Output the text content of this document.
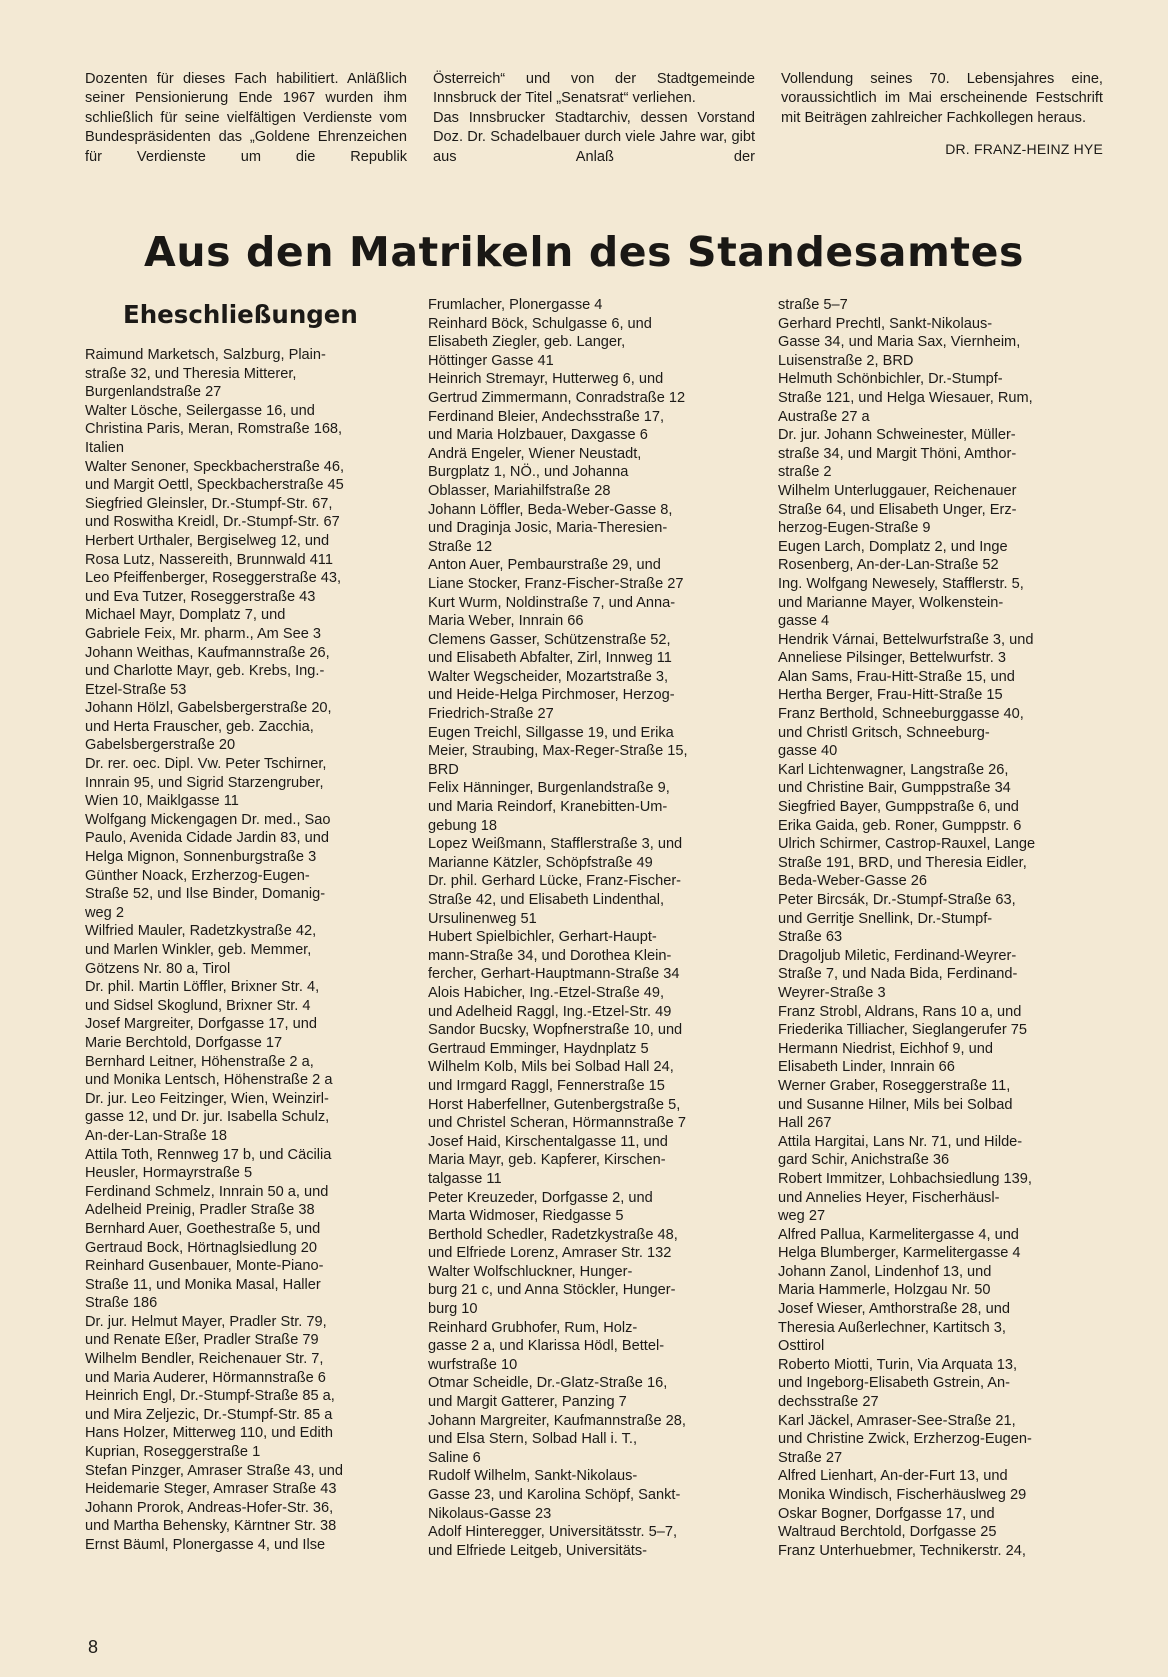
Dozenten für dieses Fach habilitiert. Anläßlich seiner Pensionierung Ende 1967 wurden ihm schließlich für seine vielfältigen Verdienste vom Bundespräsidenten das „Goldene Ehrenzeichen für Verdienste um die Republik

Österreich“ und von der Stadtgemeinde Innsbruck der Titel „Senatsrat“ verliehen.

Das Innsbrucker Stadtarchiv, dessen Vorstand Doz. Dr. Schadelbauer durch viele Jahre war, gibt aus Anlaß der

Vollendung seines 70. Lebensjahres eine, voraussichtlich im Mai erscheinende Festschrift mit Beiträgen zahlreicher Fachkollegen heraus.

DR. FRANZ-HEINZ HYE
Aus den Matrikeln des Standesamtes
Eheschließungen

Raimund Marketsch, Salzburg, Plain-
straße 32, und Theresia Mitterer,
Burgenlandstraße 27

Walter Lösche, Seilergasse 16, und
Christina Paris, Meran, Romstraße 168,
Italien

Walter Senoner, Speckbacherstraße 46,
und Margit Oettl, Speckbacherstraße 45

Siegfried Gleinsler, Dr.-Stumpf-Str. 67,
und Roswitha Kreidl, Dr.-Stumpf-Str. 67

Herbert Urthaler, Bergiselweg 12, und
Rosa Lutz, Nassereith, Brunnwald 411

Leo Pfeiffenberger, Roseggerstraße 43,
und Eva Tutzer, Roseggerstraße 43

Michael Mayr, Domplatz 7, und
Gabriele Feix, Mr. pharm., Am See 3

Johann Weithas, Kaufmannstraße 26,
und Charlotte Mayr, geb. Krebs, Ing.-
Etzel-Straße 53

Johann Hölzl, Gabelsbergerstraße 20,
und Herta Frauscher, geb. Zacchia,
Gabelsbergerstraße 20

Dr. rer. oec. Dipl. Vw. Peter Tschirner,
Innrain 95, und Sigrid Starzengruber,
Wien 10, Maiklgasse 11

Wolfgang Mickengagen Dr. med., Sao
Paulo, Avenida Cidade Jardin 83, und
Helga Mignon, Sonnenburgstraße 3

Günther Noack, Erzherzog-Eugen-
Straße 52, und Ilse Binder, Domanig-
weg 2

Wilfried Mauler, Radetzkystraße 42,
und Marlen Winkler, geb. Memmer,
Götzens Nr. 80 a, Tirol

Dr. phil. Martin Löffler, Brixner Str. 4,
und Sidsel Skoglund, Brixner Str. 4

Josef Margreiter, Dorfgasse 17, und
Marie Berchtold, Dorfgasse 17

Bernhard Leitner, Höhenstraße 2 a,
und Monika Lentsch, Höhenstraße 2 a

Dr. jur. Leo Feitzinger, Wien, Weinzirl-
gasse 12, und Dr. jur. Isabella Schulz,
An-der-Lan-Straße 18

Attila Toth, Rennweg 17 b, und Cäcilia
Heusler, Hormayrstraße 5

Ferdinand Schmelz, Innrain 50 a, und
Adelheid Preinig, Pradler Straße 38

Bernhard Auer, Goethestraße 5, und
Gertraud Bock, Hörtnaglsiedlung 20

Reinhard Gusenbauer, Monte-Piano-
Straße 11, und Monika Masal, Haller
Straße 186

Dr. jur. Helmut Mayer, Pradler Str. 79,
und Renate Eßer, Pradler Straße 79

Wilhelm Bendler, Reichenauer Str. 7,
und Maria Auderer, Hörmannstraße 6

Heinrich Engl, Dr.-Stumpf-Straße 85 a,
und Mira Zeljezic, Dr.-Stumpf-Str. 85 a

Hans Holzer, Mitterweg 110, und Edith
Kuprian, Roseggerstraße 1

Stefan Pinzger, Amraser Straße 43, und
Heidemarie Steger, Amraser Straße 43

Johann Prorok, Andreas-Hofer-Str. 36,
und Martha Behensky, Kärntner Str. 38

Ernst Bäuml, Plonergasse 4, und Ilse

Frumlacher, Plonergasse 4

Reinhard Böck, Schulgasse 6, und
Elisabeth Ziegler, geb. Langer,
Höttinger Gasse 41

Heinrich Stremayr, Hutterweg 6, und
Gertrud Zimmermann, Conradstraße 12

Ferdinand Bleier, Andechsstraße 17,
und Maria Holzbauer, Daxgasse 6

Andrä Engeler, Wiener Neustadt,
Burgplatz 1, NÖ., und Johanna
Oblasser, Mariahilfstraße 28

Johann Löffler, Beda-Weber-Gasse 8,
und Draginja Josic, Maria-Theresien-
Straße 12

Anton Auer, Pembaurstraße 29, und
Liane Stocker, Franz-Fischer-Straße 27

Kurt Wurm, Noldinstraße 7, und Anna-
Maria Weber, Innrain 66

Clemens Gasser, Schützenstraße 52,
und Elisabeth Abfalter, Zirl, Innweg 11

Walter Wegscheider, Mozartstraße 3,
und Heide-Helga Pirchmoser, Herzog-
Friedrich-Straße 27

Eugen Treichl, Sillgasse 19, und Erika
Meier, Straubing, Max-Reger-Straße 15,
BRD

Felix Hänninger, Burgenlandstraße 9,
und Maria Reindorf, Kranebitten-Um-
gebung 18

Lopez Weißmann, Stafflerstraße 3, und
Marianne Kätzler, Schöpfstraße 49

Dr. phil. Gerhard Lücke, Franz-Fischer-
Straße 42, und Elisabeth Lindenthal,
Ursulinenweg 51

Hubert Spielbichler, Gerhart-Haupt-
mann-Straße 34, und Dorothea Klein-
fercher, Gerhart-Hauptmann-Straße 34

Alois Habicher, Ing.-Etzel-Straße 49,
und Adelheid Raggl, Ing.-Etzel-Str. 49

Sandor Bucsky, Wopfnerstraße 10, und
Gertraud Emminger, Haydnplatz 5

Wilhelm Kolb, Mils bei Solbad Hall 24,
und Irmgard Raggl, Fennerstraße 15

Horst Haberfellner, Gutenbergstraße 5,
und Christel Scheran, Hörmannstraße 7

Josef Haid, Kirschentalgasse 11, und
Maria Mayr, geb. Kapferer, Kirschen-
talgasse 11

Peter Kreuzeder, Dorfgasse 2, und
Marta Widmoser, Riedgasse 5

Berthold Schedler, Radetzkystraße 48,
und Elfriede Lorenz, Amraser Str. 132

Walter Wolfschluckner, Hunger-
burg 21 c, und Anna Stöckler, Hunger-
burg 10

Reinhard Grubhofer, Rum, Holz-
gasse 2 a, und Klarissa Hödl, Bettel-
wurfstraße 10

Otmar Scheidle, Dr.-Glatz-Straße 16,
und Margit Gatterer, Panzing 7

Johann Margreiter, Kaufmannstraße 28,
und Elsa Stern, Solbad Hall i. T.,
Saline 6

Rudolf Wilhelm, Sankt-Nikolaus-
Gasse 23, und Karolina Schöpf, Sankt-
Nikolaus-Gasse 23

Adolf Hinteregger, Universitätsstr. 5–7,
und Elfriede Leitgeb, Universitäts-

straße 5–7

Gerhard Prechtl, Sankt-Nikolaus-
Gasse 34, und Maria Sax, Viernheim,
Luisenstraße 2, BRD

Helmuth Schönbichler, Dr.-Stumpf-
Straße 121, und Helga Wiesauer, Rum,
Austraße 27 a

Dr. jur. Johann Schweinester, Müller-
straße 34, und Margit Thöni, Amthor-
straße 2

Wilhelm Unterluggauer, Reichenauer
Straße 64, und Elisabeth Unger, Erz-
herzog-Eugen-Straße 9

Eugen Larch, Domplatz 2, und Inge
Rosenberg, An-der-Lan-Straße 52

Ing. Wolfgang Newesely, Stafflerstr. 5,
und Marianne Mayer, Wolkenstein-
gasse 4

Hendrik Várnai, Bettelwurfstraße 3, und
Anneliese Pilsinger, Bettelwurfstr. 3

Alan Sams, Frau-Hitt-Straße 15, und
Hertha Berger, Frau-Hitt-Straße 15

Franz Berthold, Schneeburggasse 40,
und Christl Gritsch, Schneeburg-
gasse 40

Karl Lichtenwagner, Langstraße 26,
und Christine Bair, Gumppstraße 34

Siegfried Bayer, Gumppstraße 6, und
Erika Gaida, geb. Roner, Gumppstr. 6

Ulrich Schirmer, Castrop-Rauxel, Lange
Straße 191, BRD, und Theresia Eidler,
Beda-Weber-Gasse 26

Peter Bircsák, Dr.-Stumpf-Straße 63,
und Gerritje Snellink, Dr.-Stumpf-
Straße 63

Dragoljub Miletic, Ferdinand-Weyrer-
Straße 7, und Nada Bida, Ferdinand-
Weyrer-Straße 3

Franz Strobl, Aldrans, Rans 10 a, und
Friederika Tilliacher, Sieglangerufer 75

Hermann Niedrist, Eichhof 9, und
Elisabeth Linder, Innrain 66

Werner Graber, Roseggerstraße 11,
und Susanne Hilner, Mils bei Solbad
Hall 267

Attila Hargitai, Lans Nr. 71, und Hilde-
gard Schir, Anichstraße 36

Robert Immitzer, Lohbachsiedlung 139,
und Annelies Heyer, Fischerhäusl-
weg 27

Alfred Pallua, Karmelitergasse 4, und
Helga Blumberger, Karmelitergasse 4

Johann Zanol, Lindenhof 13, und
Maria Hammerle, Holzgau Nr. 50

Josef Wieser, Amthorstraße 28, und
Theresia Außerlechner, Kartitsch 3,
Osttirol

Roberto Miotti, Turin, Via Arquata 13,
und Ingeborg-Elisabeth Gstrein, An-
dechsstraße 27

Karl Jäckel, Amraser-See-Straße 21,
und Christine Zwick, Erzherzog-Eugen-
Straße 27

Alfred Lienhart, An-der-Furt 13, und
Monika Windisch, Fischerhäuslweg 29

Oskar Bogner, Dorfgasse 17, und
Waltraud Berchtold, Dorfgasse 25

Franz Unterhuebmer, Technikerstr. 24,

8
